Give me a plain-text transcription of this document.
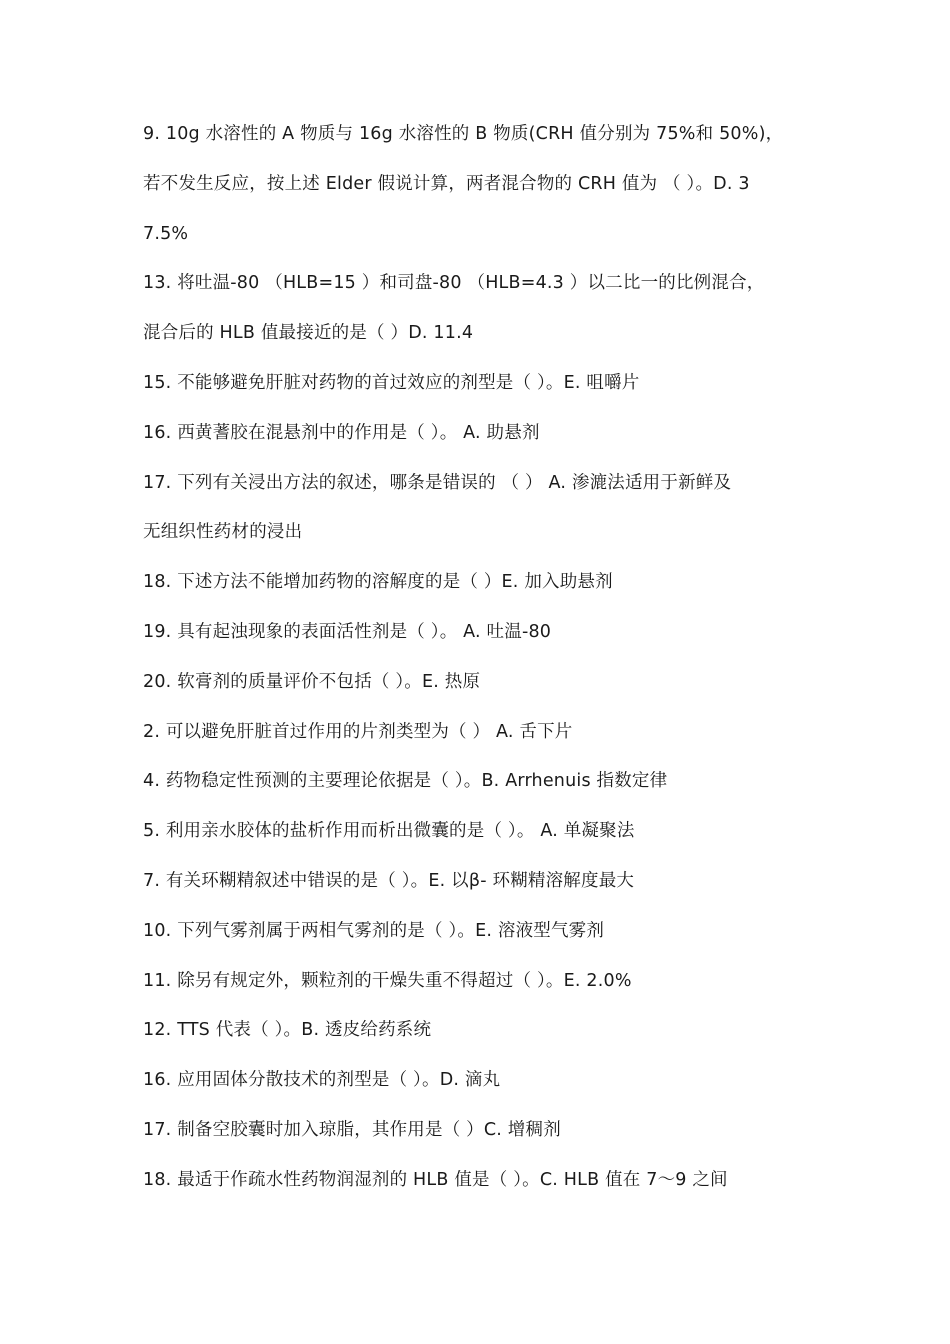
9. 10g 水溶性的 A 物质与 16g 水溶性的 B 物质(CRH 值分别为 75%和 50%)，
若不发生反应，按上述 Elder 假说计算，两者混合物的 CRH 值为 （ ）。D. 3
7.5%
13. 将吐温-80 （HLB=15 ）和司盘-80 （HLB=4.3 ）以二比一的比例混合，
混合后的 HLB 值最接近的是（ ）D. 11.4
15. 不能够避免肝脏对药物的首过效应的剂型是（ ）。E. 咀嚼片
16. 西黄蓍胶在混悬剂中的作用是（ ）。 A. 助悬剂
17. 下列有关浸出方法的叙述，哪条是错误的 （ ） A. 渗漉法适用于新鲜及
无组织性药材的浸出
18. 下述方法不能增加药物的溶解度的是（ ）E. 加入助悬剂
19. 具有起浊现象的表面活性剂是（ ）。 A. 吐温-80
20. 软膏剂的质量评价不包括（ ）。E. 热原
2. 可以避免肝脏首过作用的片剂类型为（ ） A. 舌下片
4. 药物稳定性预测的主要理论依据是（ ）。B. Arrhenuis 指数定律
5. 利用亲水胶体的盐析作用而析出微囊的是（ ）。 A. 单凝聚法
7. 有关环糊精叙述中错误的是（ ）。E. 以β- 环糊精溶解度最大
10. 下列气雾剂属于两相气雾剂的是（ ）。E. 溶液型气雾剂
11. 除另有规定外，颗粒剂的干燥失重不得超过（ ）。E. 2.0%
12. TTS 代表（ ）。B. 透皮给药系统
16. 应用固体分散技术的剂型是（ ）。D. 滴丸
17. 制备空胶囊时加入琼脂，其作用是（ ）C. 增稠剂
18. 最适于作疏水性药物润湿剂的 HLB 值是（ ）。C. HLB 值在 7～9 之间
